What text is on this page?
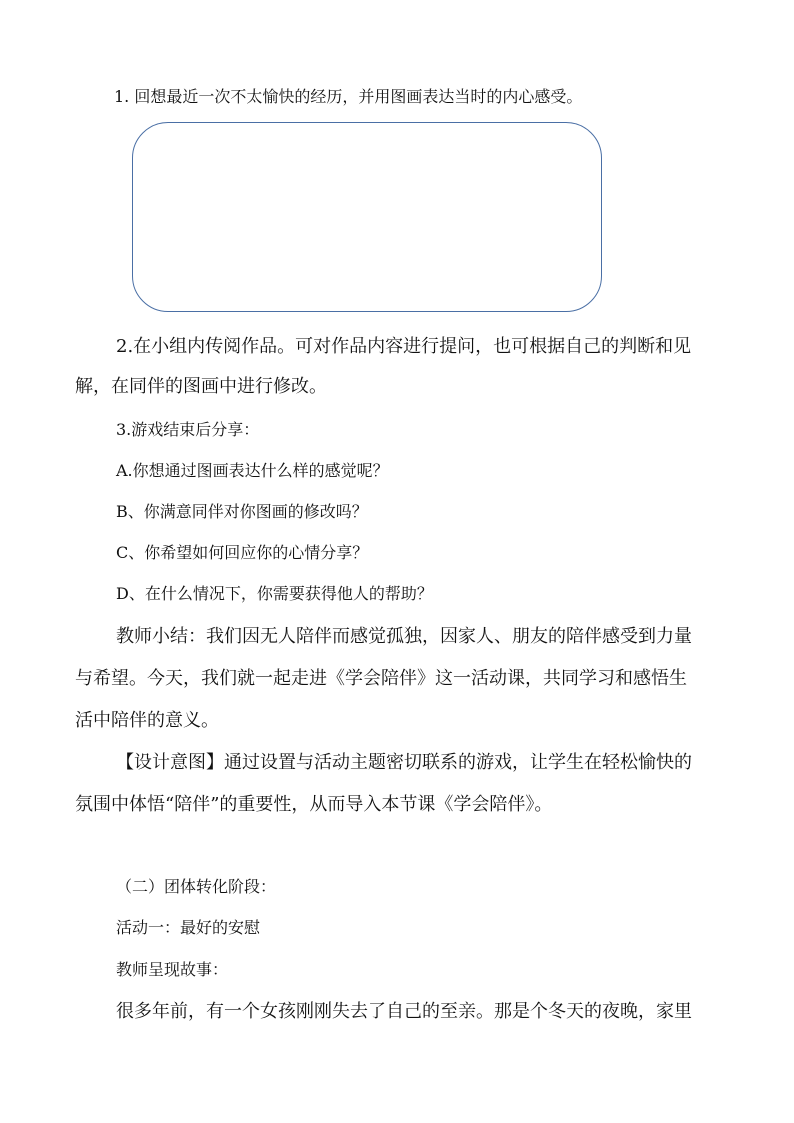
1. 回想最近一次不太愉快的经历，并用图画表达当时的内心感受。
2.在小组内传阅作品。可对作品内容进行提问，也可根据自己的判断和见
解，在同伴的图画中进行修改。
3.游戏结束后分享：
A.你想通过图画表达什么样的感觉呢？
B、你满意同伴对你图画的修改吗？
C、你希望如何回应你的心情分享？
D、在什么情况下，你需要获得他人的帮助？
教师小结：我们因无人陪伴而感觉孤独，因家人、朋友的陪伴感受到力量
与希望。今天，我们就一起走进《学会陪伴》这一活动课，共同学习和感悟生
活中陪伴的意义。
【设计意图】通过设置与活动主题密切联系的游戏，让学生在轻松愉快的
氛围中体悟“陪伴”的重要性，从而导入本节课《学会陪伴》。
（二）团体转化阶段：
活动一：最好的安慰
教师呈现故事：
很多年前，有一个女孩刚刚失去了自己的至亲。那是个冬天的夜晚，家里
